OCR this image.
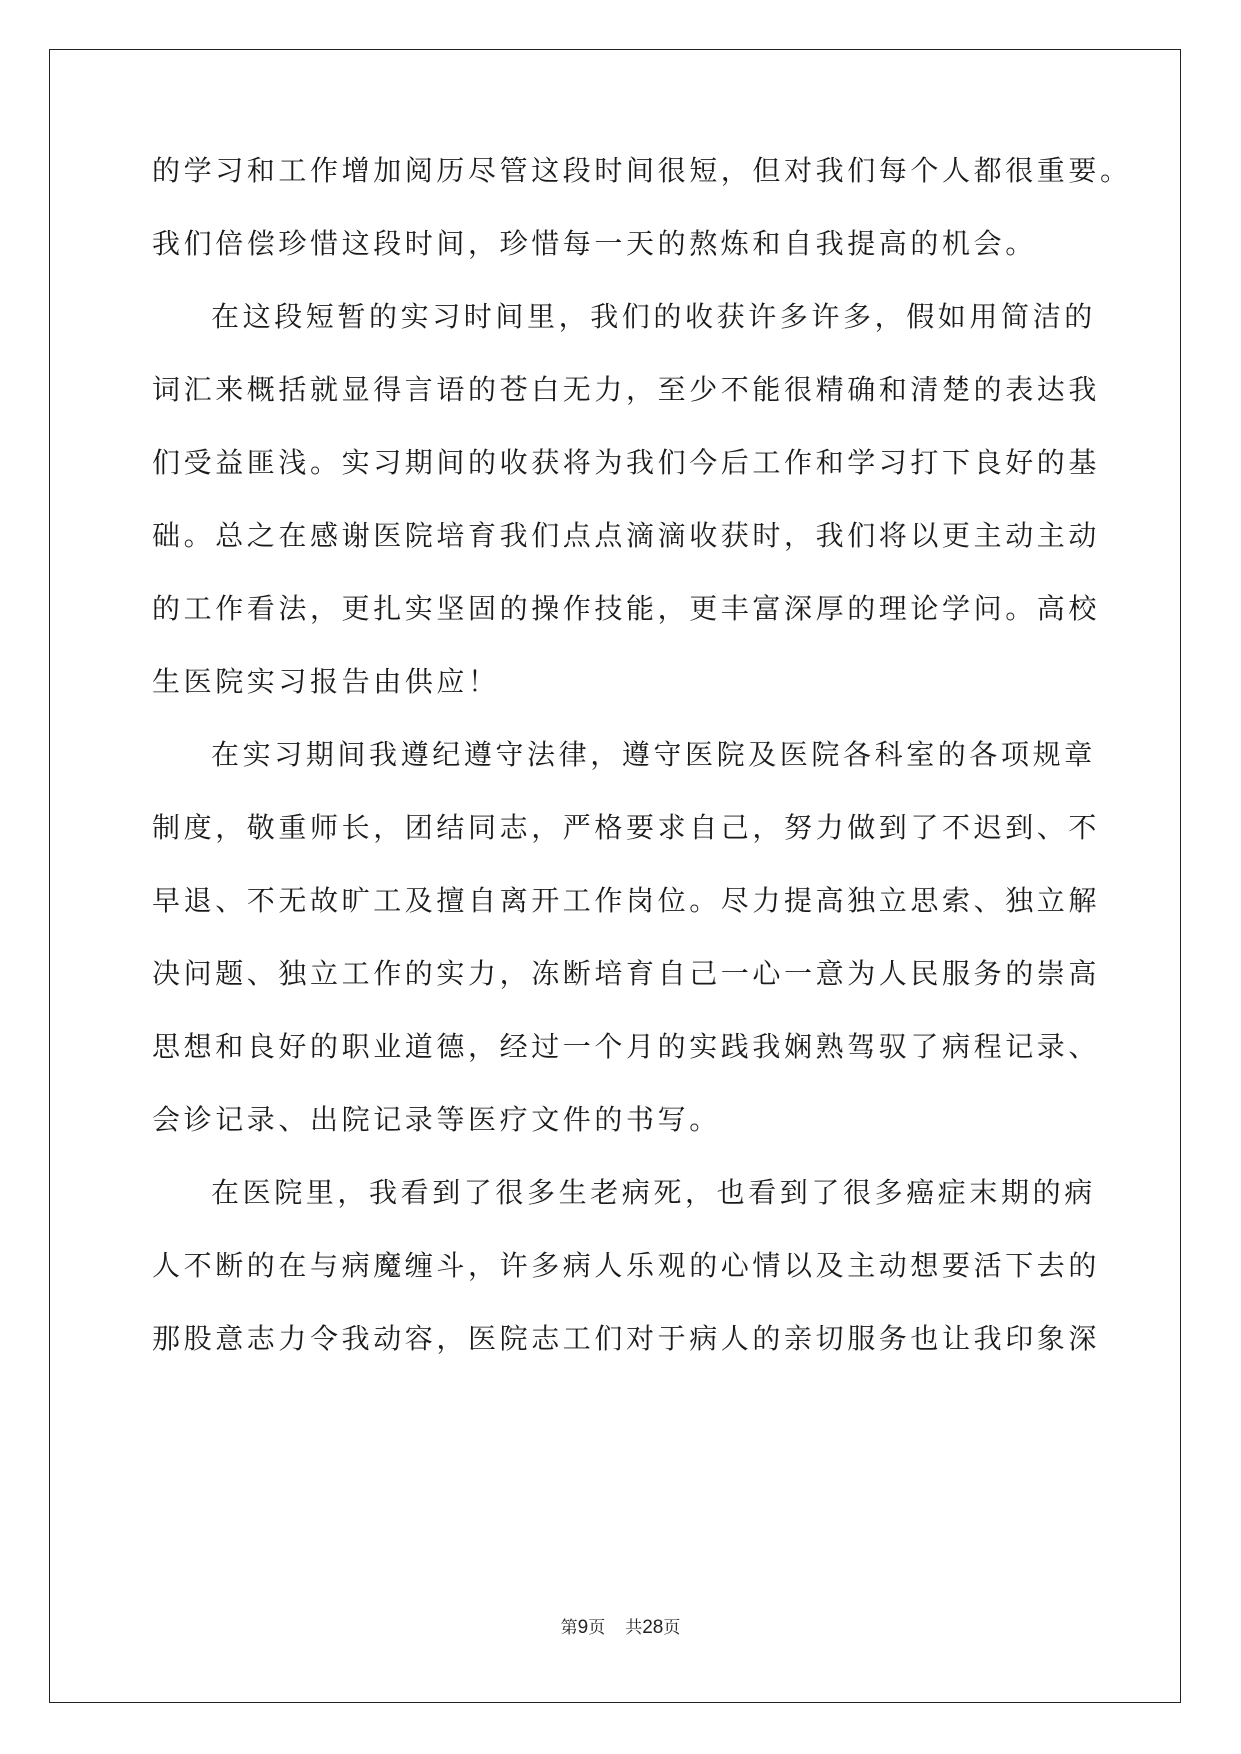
的学习和工作增加阅历尽管这段时间很短，但对我们每个人都很重要。
我们倍偿珍惜这段时间，珍惜每一天的熬炼和自我提高的机会。
在这段短暂的实习时间里，我们的收获许多许多，假如用简洁的
词汇来概括就显得言语的苍白无力，至少不能很精确和清楚的表达我
们受益匪浅。实习期间的收获将为我们今后工作和学习打下良好的基
础。总之在感谢医院培育我们点点滴滴收获时，我们将以更主动主动
的工作看法，更扎实坚固的操作技能，更丰富深厚的理论学问。高校
生医院实习报告由供应！
在实习期间我遵纪遵守法律，遵守医院及医院各科室的各项规章
制度，敬重师长，团结同志，严格要求自己，努力做到了不迟到、不
早退、不无故旷工及擅自离开工作岗位。尽力提高独立思索、独立解
决问题、独立工作的实力，冻断培育自己一心一意为人民服务的崇高
思想和良好的职业道德，经过一个月的实践我娴熟驾驭了病程记录、
会诊记录、出院记录等医疗文件的书写。
在医院里，我看到了很多生老病死，也看到了很多癌症末期的病
人不断的在与病魔缠斗，许多病人乐观的心情以及主动想要活下去的
那股意志力令我动容，医院志工们对于病人的亲切服务也让我印象深
第9页 共28页
